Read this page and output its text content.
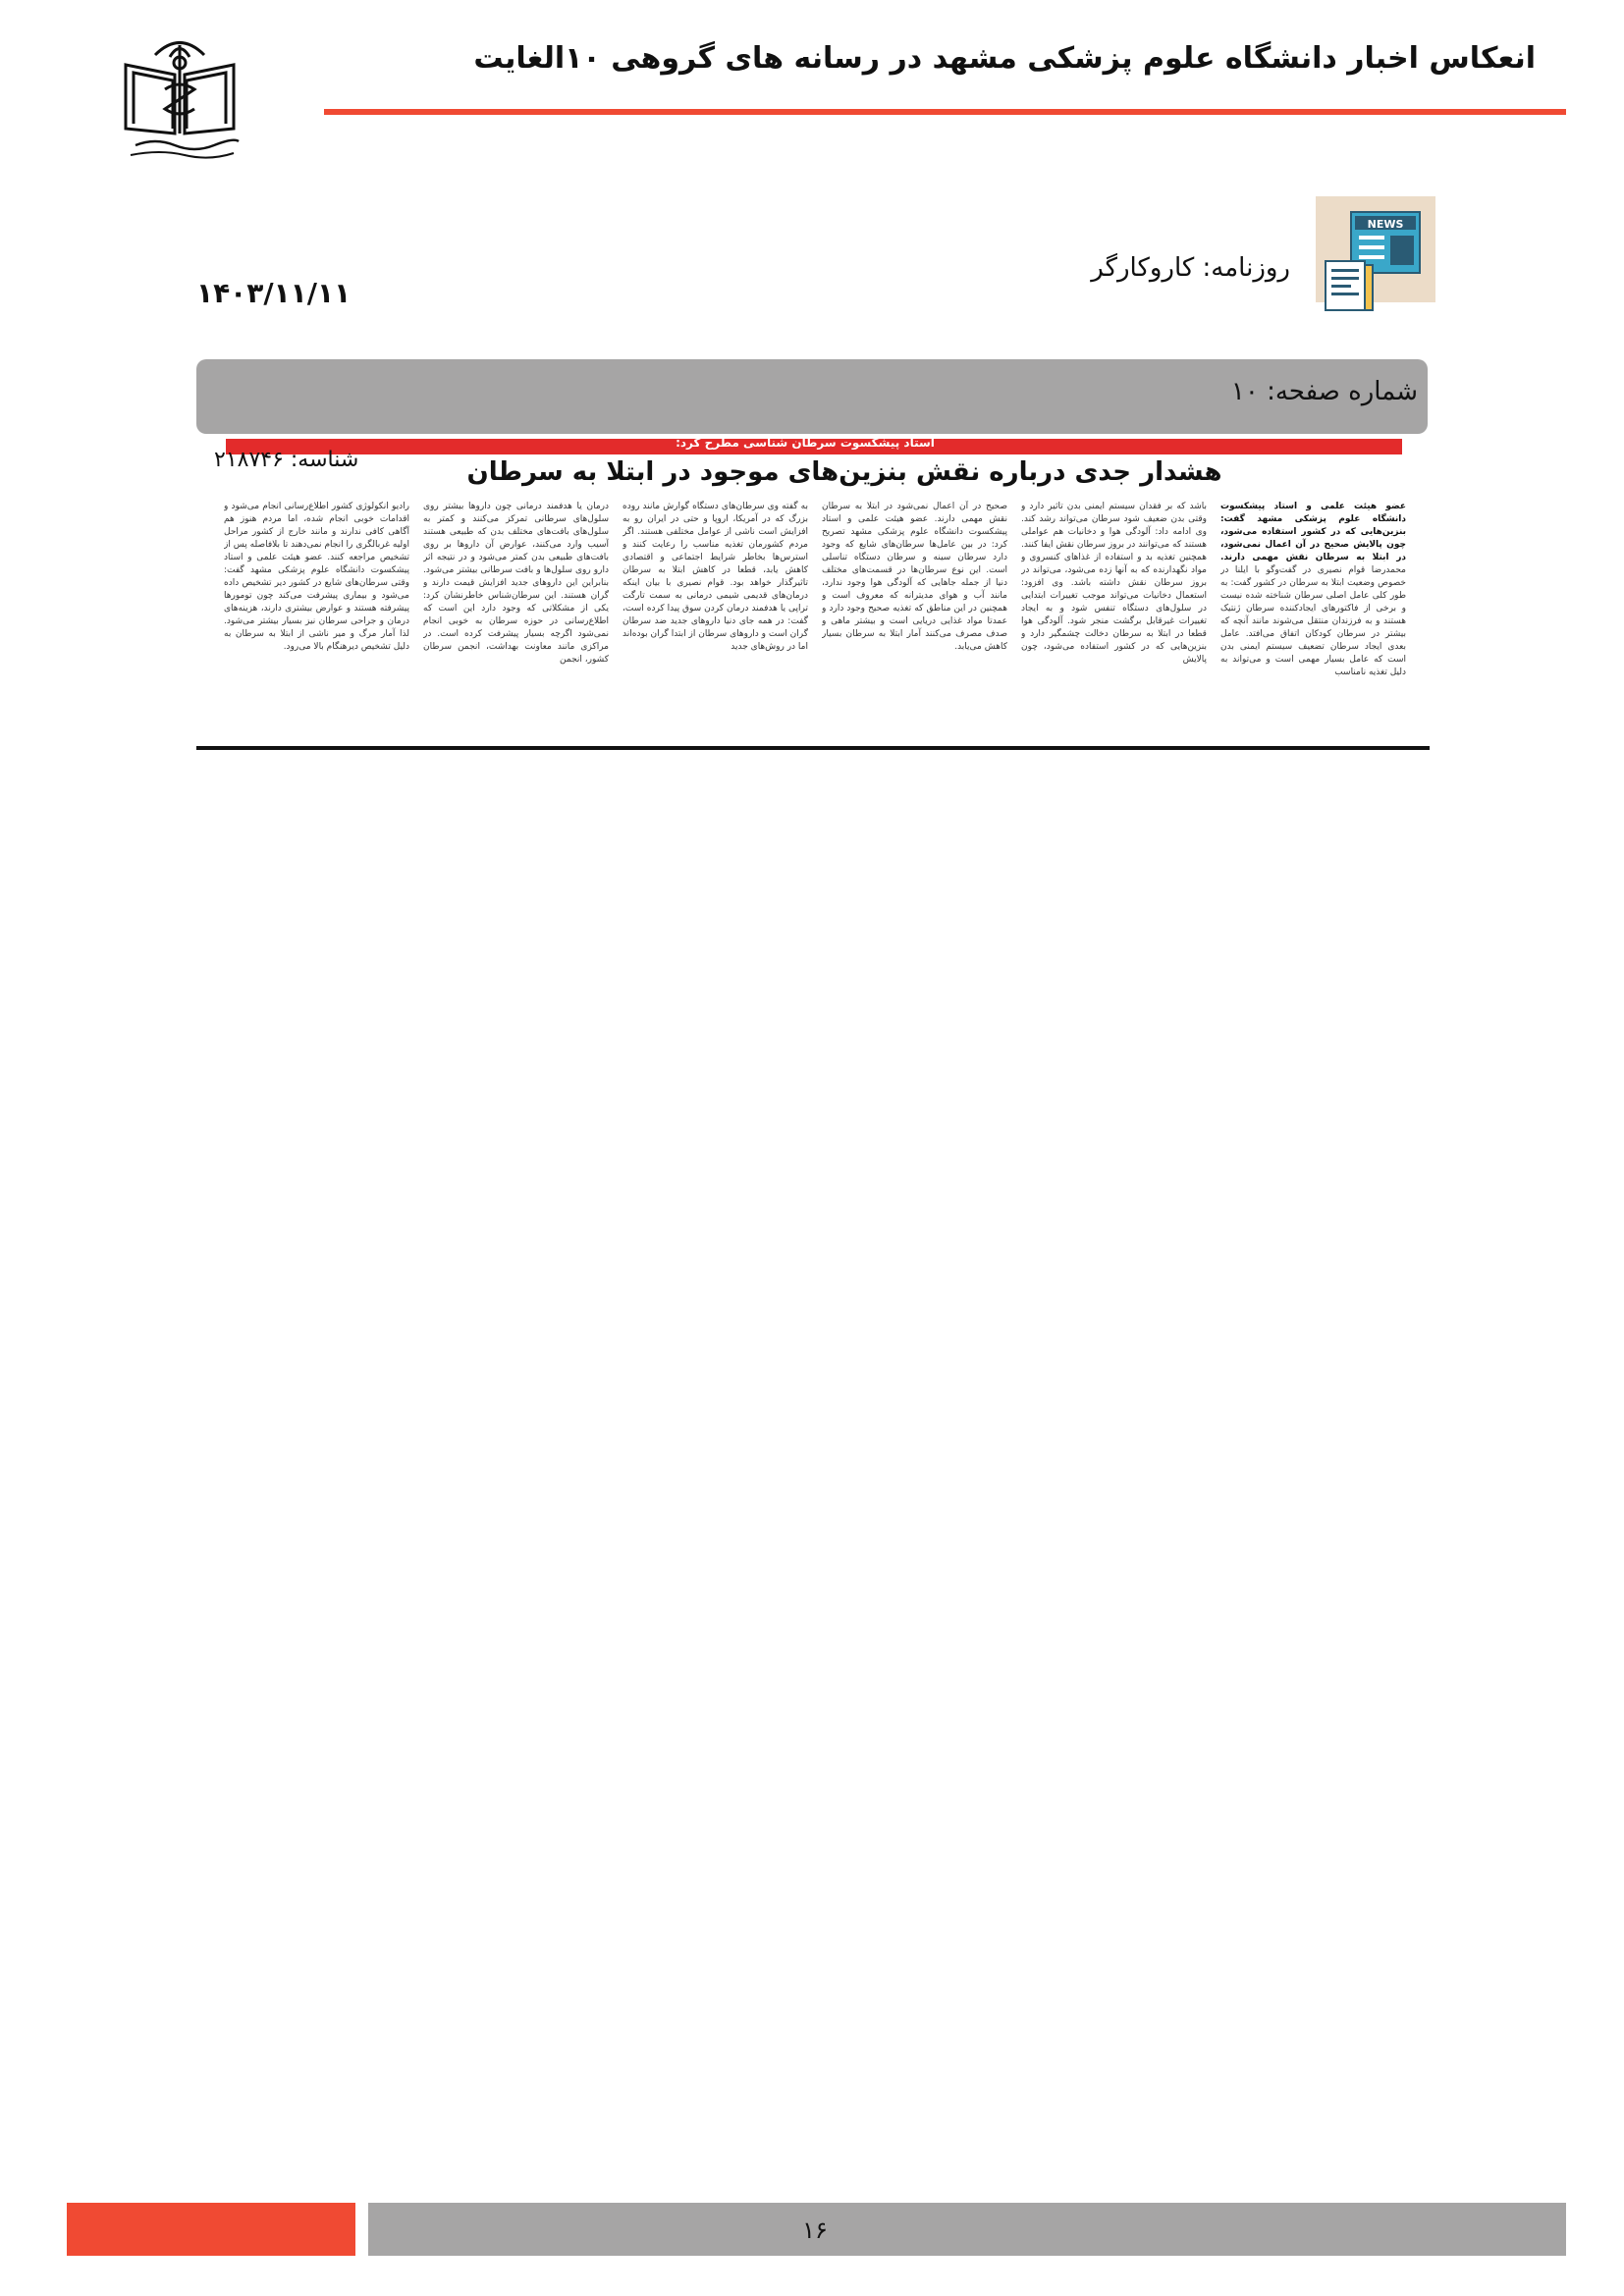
انعکاس اخبار دانشگاه علوم پزشکی مشهد در رسانه های گروهی ۱۰الغایت
NEWS
روزنامه: کاروکارگر
۱۴۰۳/۱۱/۱۱
شماره صفحه: ۱۰
استاد پیشکسوت سرطان شناسی مطرح کرد:
شناسه: ۲۱۸۷۴۶	هشدار جدی درباره نقش بنزین‌های موجود در ابتلا به سرطان
عضو هیئت علمی و استاد پیشکسوت دانشگاه علوم پزشکی مشهد گفت: بنزین‌هایی که در کشور استفاده می‌شود، چون پالایش صحیح در آن اعمال نمی‌شود، در ابتلا به سرطان نقش مهمی دارند. محمدرضا قوام نصیری در گفت‌وگو با ایلنا در خصوص وضعیت ابتلا به سرطان در کشور گفت: به طور کلی عامل اصلی سرطان شناخته شده نیست و برخی از فاکتورهای ایجادکننده سرطان ژنتیک هستند و به فرزندان منتقل می‌شوند مانند آنچه که بیشتر در سرطان کودکان اتفاق می‌افتد. عامل بعدی ایجاد سرطان تضعیف سیستم ایمنی بدن است که عامل بسیار مهمی است و می‌تواند به دلیل تغذیه نامناسب
باشد که بر فقدان سیستم ایمنی بدن تاثیر دارد و وقتی بدن ضعیف شود سرطان می‌تواند رشد کند. وی ادامه داد: آلودگی هوا و دخانیات هم عواملی هستند که می‌توانند در بروز سرطان نقش ایفا کنند. همچنین تغذیه بد و استفاده از غذاهای کنسروی و مواد نگهدارنده که به آنها زده می‌شود، می‌تواند در بروز سرطان نقش داشته باشد. وی افزود: استعمال دخانیات می‌تواند موجب تغییرات ابتدایی در سلول‌های دستگاه تنفس شود و به ایجاد تغییرات غیرقابل برگشت منجر شود. آلودگی هوا قطعا در ابتلا به سرطان دخالت چشمگیر دارد و بنزین‌هایی که در کشور استفاده می‌شود، چون پالایش
صحیح در آن اعمال نمی‌شود در ابتلا به سرطان نقش مهمی دارند. عضو هیئت علمی و استاد پیشکسوت دانشگاه علوم پزشکی مشهد تصریح کرد: در بین عامل‌ها سرطان‌های شایع که وجود دارد سرطان سینه و سرطان دستگاه تناسلی است. این نوع سرطان‌ها در قسمت‌های مختلف دنیا از جمله جاهایی که آلودگی هوا وجود ندارد، مانند آب و هوای مدیترانه که معروف است و همچنین در این مناطق که تغذیه صحیح وجود دارد و عمدتا مواد غذایی دریایی است و بیشتر ماهی و صدف مصرف می‌کنند آمار ابتلا به سرطان بسیار کاهش می‌یابد.
به گفته وی سرطان‌های دستگاه گوارش مانند روده بزرگ که در آمریکا، اروپا و حتی در ایران رو به افزایش است ناشی از عوامل مختلفی هستند. اگر مردم کشورمان تغذیه مناسب را رعایت کنند و استرس‌ها بخاطر شرایط اجتماعی و اقتصادی کاهش یابد، قطعا در کاهش ابتلا به سرطان تاثیرگذار خواهد بود. قوام نصیری با بیان اینکه درمان‌های قدیمی شیمی درمانی به سمت تارگت تراپی یا هدفمند درمان کردن سوق پیدا کرده است، گفت: در همه جای دنیا داروهای جدید ضد سرطان گران است و داروهای سرطان از ابتدا گران بوده‌اند اما در روش‌های جدید
درمان یا هدفمند درمانی چون داروها بیشتر روی سلول‌های سرطانی تمرکز می‌کنند و کمتر به سلول‌های بافت‌های مختلف بدن که طبیعی هستند آسیب وارد می‌کنند، عوارض آن داروها بر روی بافت‌های طبیعی بدن کمتر می‌شود و در نتیجه اثر دارو روی سلول‌ها و بافت سرطانی بیشتر می‌شود. بنابراین این داروهای جدید افزایش قیمت دارند و گران هستند. این سرطان‌شناس خاطرنشان کرد: یکی از مشکلاتی که وجود دارد این است که اطلاع‌رسانی در حوزه سرطان به خوبی انجام نمی‌شود اگرچه بسیار پیشرفت کرده است. در مراکزی مانند معاونت بهداشت، انجمن سرطان کشور، انجمن
رادیو انکولوژی کشور اطلاع‌رسانی انجام می‌شود و اقدامات خوبی انجام شده، اما مردم هنوز هم آگاهی کافی ندارند و مانند خارج از کشور مراحل اولیه غربالگری را انجام نمی‌دهند تا بلافاصله پس از تشخیص مراجعه کنند. عضو هیئت علمی و استاد پیشکسوت دانشگاه علوم پزشکی مشهد گفت: وقتی سرطان‌های شایع در کشور دیر تشخیص داده می‌شود و بیماری پیشرفت می‌کند چون تومورها پیشرفته هستند و عوارض بیشتری دارند، هزینه‌های درمان و جراحی سرطان نیز بسیار بیشتر می‌شود. لذا آمار مرگ و میر ناشی از ابتلا به سرطان به دلیل تشخیص دیرهنگام بالا می‌رود.
۱۶
